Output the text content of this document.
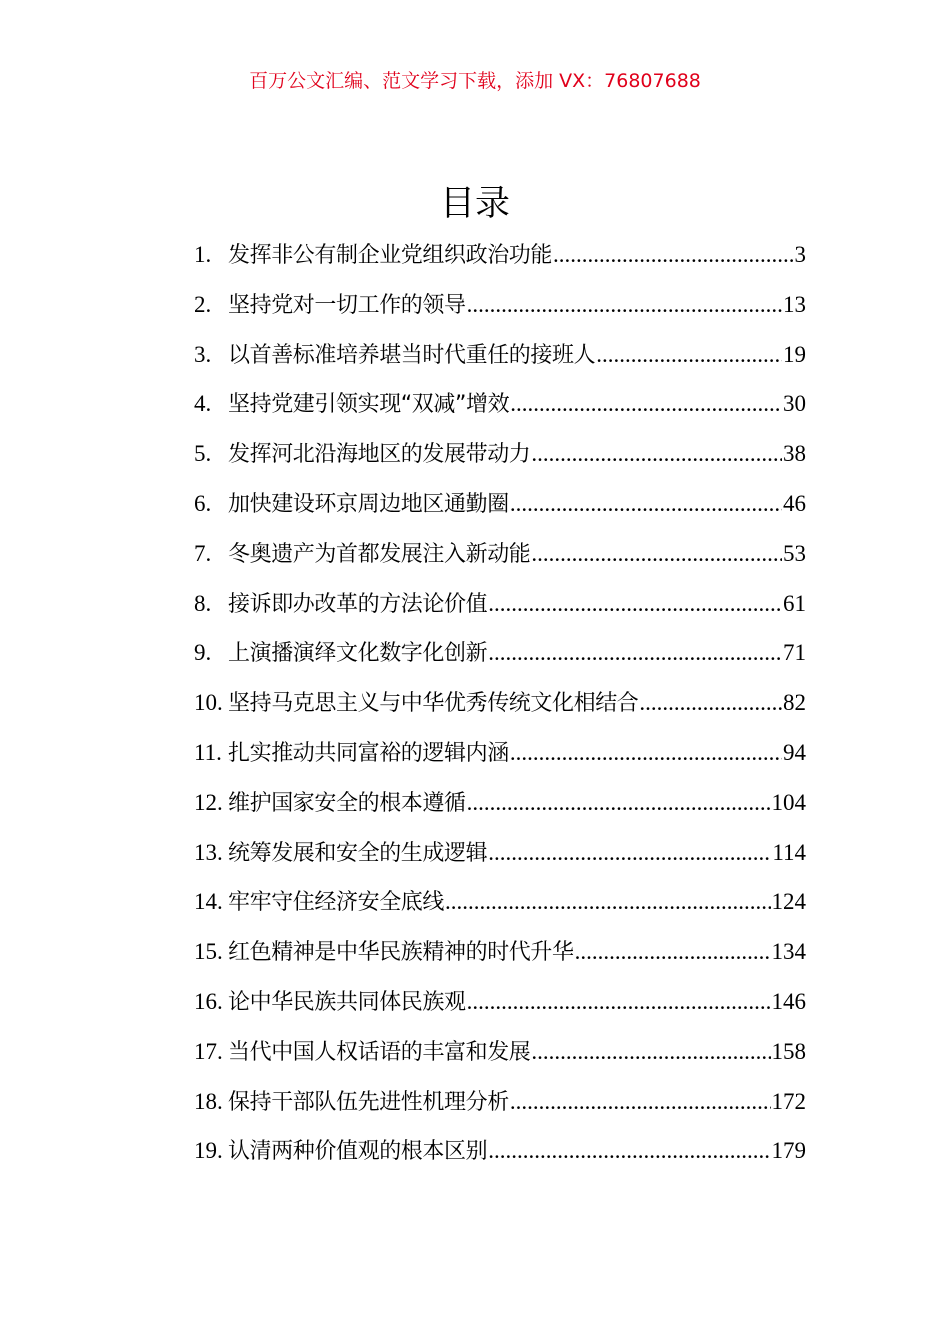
百万公文汇编、范文学习下载，添加 VX：76807688
目录
1. 发挥非公有制企业党组织政治功能 .....	3
2. 坚持党对一切工作的领导 .....	13
3. 以首善标准培养堪当时代重任的接班人 .....	19
4. 坚持党建引领实现“双减”增效 .....	30
5. 发挥河北沿海地区的发展带动力 .....	38
6. 加快建设环京周边地区通勤圈 .....	46
7. 冬奥遗产为首都发展注入新动能 .....	53
8. 接诉即办改革的方法论价值 .....	61
9. 上演播演绎文化数字化创新 .....	71
10. 坚持马克思主义与中华优秀传统文化相结合 .....	82
11. 扎实推动共同富裕的逻辑内涵 .....	94
12. 维护国家安全的根本遵循 .....	104
13. 统筹发展和安全的生成逻辑 .....	114
14. 牢牢守住经济安全底线 .....	124
15. 红色精神是中华民族精神的时代升华 .....	134
16. 论中华民族共同体民族观 .....	146
17. 当代中国人权话语的丰富和发展 .....	158
18. 保持干部队伍先进性机理分析 .....	172
19. 认清两种价值观的根本区别 .....	179
